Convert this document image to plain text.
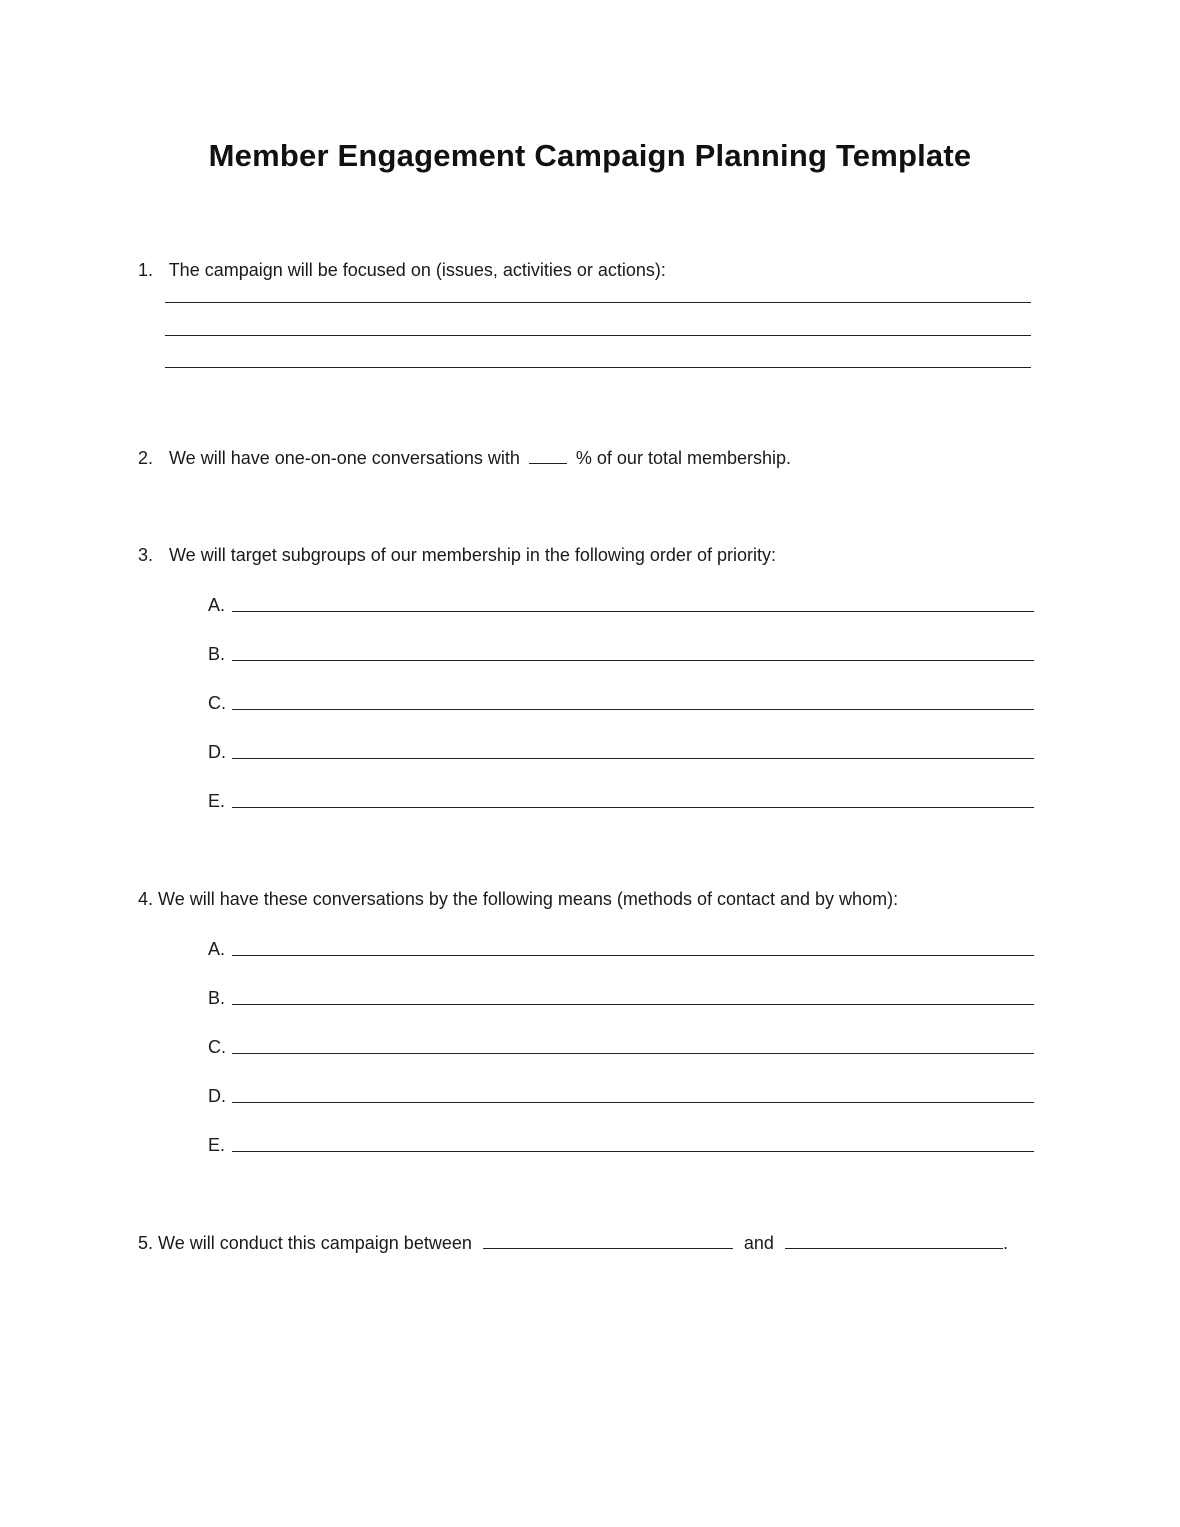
Member Engagement Campaign Planning Template
1. The campaign will be focused on (issues, activities or actions):
2. We will have one-on-one conversations with	% of our total membership.
3. We will target subgroups of our membership in the following order of priority:
A.
B.
C.
D.
E.
4. We will have these conversations by the following means (methods of contact and by whom):
A.
B.
C.
D.
E.
5. We will conduct this campaign between	and	.
